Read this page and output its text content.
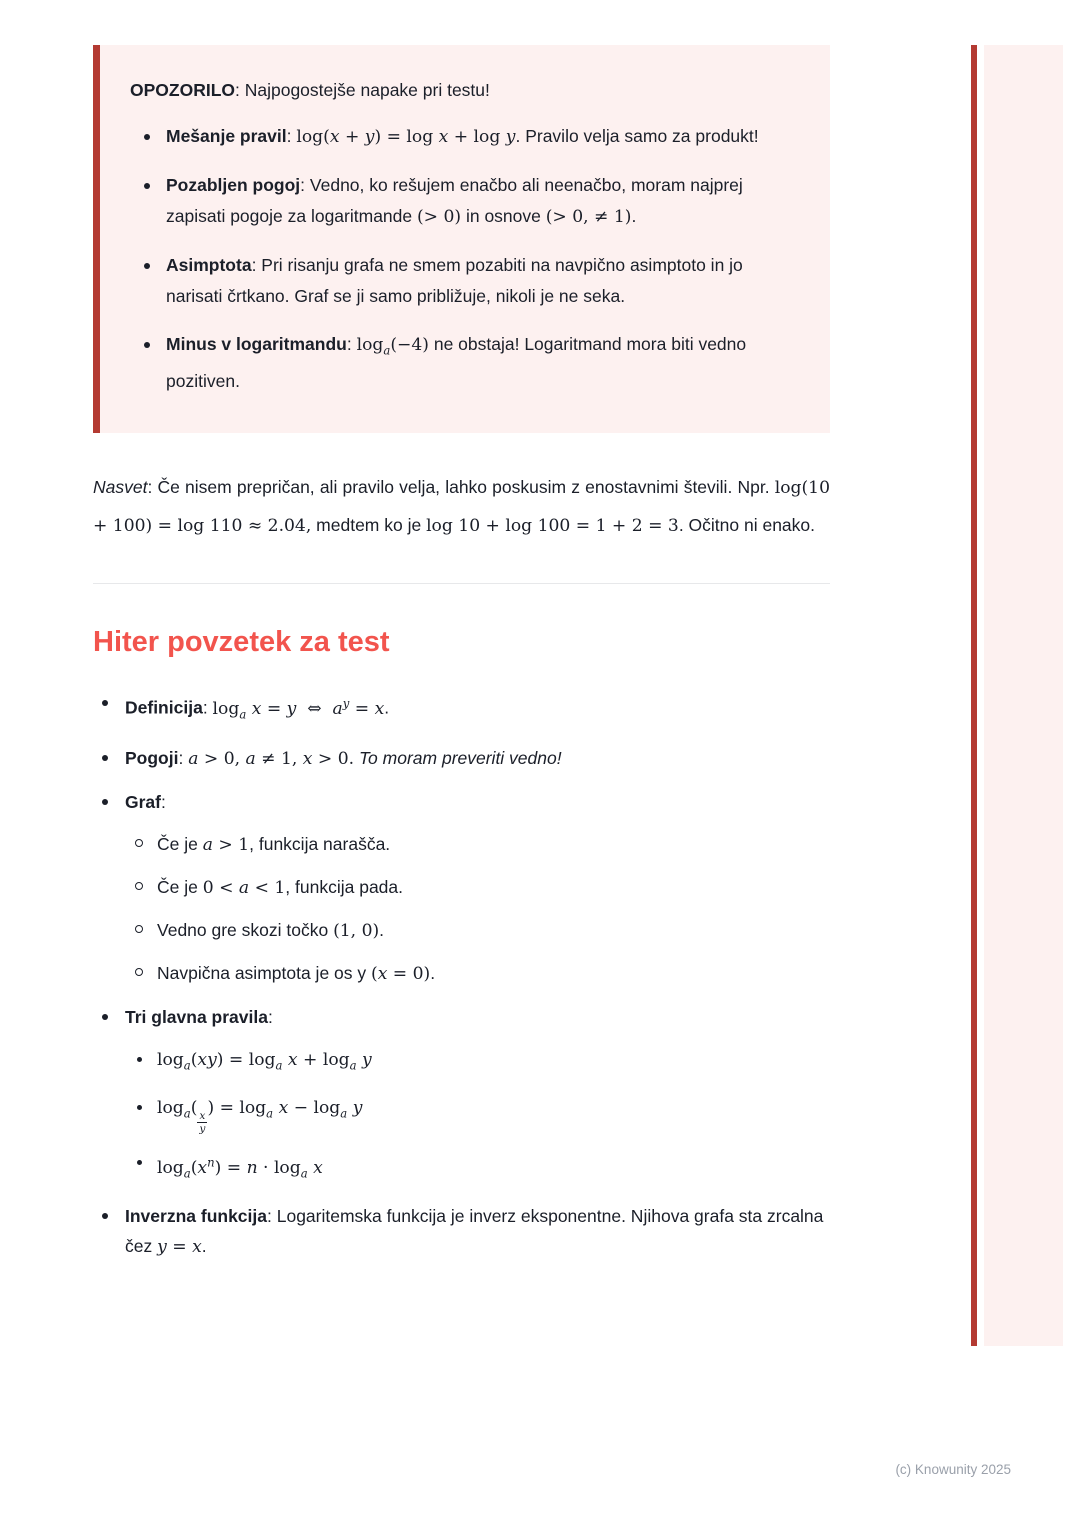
OPOZORILO: Najpogostejše napake pri testu!

Mešanje pravil: log(x + y) = log x + log y. Pravilo velja samo za produkt!
Pozabljen pogoj: Vedno, ko rešujem enačbo ali neenačbo, moram najprej zapisati pogoje za logaritmande (> 0) in osnove (> 0, ≠ 1).
Asimptota: Pri risanju grafa ne smem pozabiti na navpično asimptoto in jo narisati črtkano. Graf se ji samo približuje, nikoli je ne seka.
Minus v logaritmandu: $\log_a(-4)$ ne obstaja! Logaritmand mora biti vedno pozitiven.

Nasvet: Če nisem prepričan, ali pravilo velja, lahko poskusim z enostavnimi števili. Npr. log(10 + 100) = log 110 ≈ 2.04, medtem ko je log 10 + log 100 = 1 + 2 = 3. Očitno ni enako.

Hiter povzetek za test
Definicija: $\log_a x = y$  ⇔  $a^y = x$.
Pogoji: a > 0, a ≠ 1, x > 0. To moram preveriti vedno!
Graf:
Če je a > 1, funkcija narašča.
Če je 0 < a < 1, funkcija pada.
Vedno gre skozi točko (1, 0).
Navpična asimptota je os y (x = 0).
Tri glavna pravila:
$\log_a(xy) = \log_a x + \log_a y$
$\log_a$(
$\frac{x}{y}$
) = $\log_a x - \log_a y$
$\log_a(x^n) = n \cdot \log_a x$
Inverzna funkcija: Logaritemska funkcija je inverz eksponentne. Njihova grafa sta zrcalna čez y = x.
(c) Knowunity 2025
